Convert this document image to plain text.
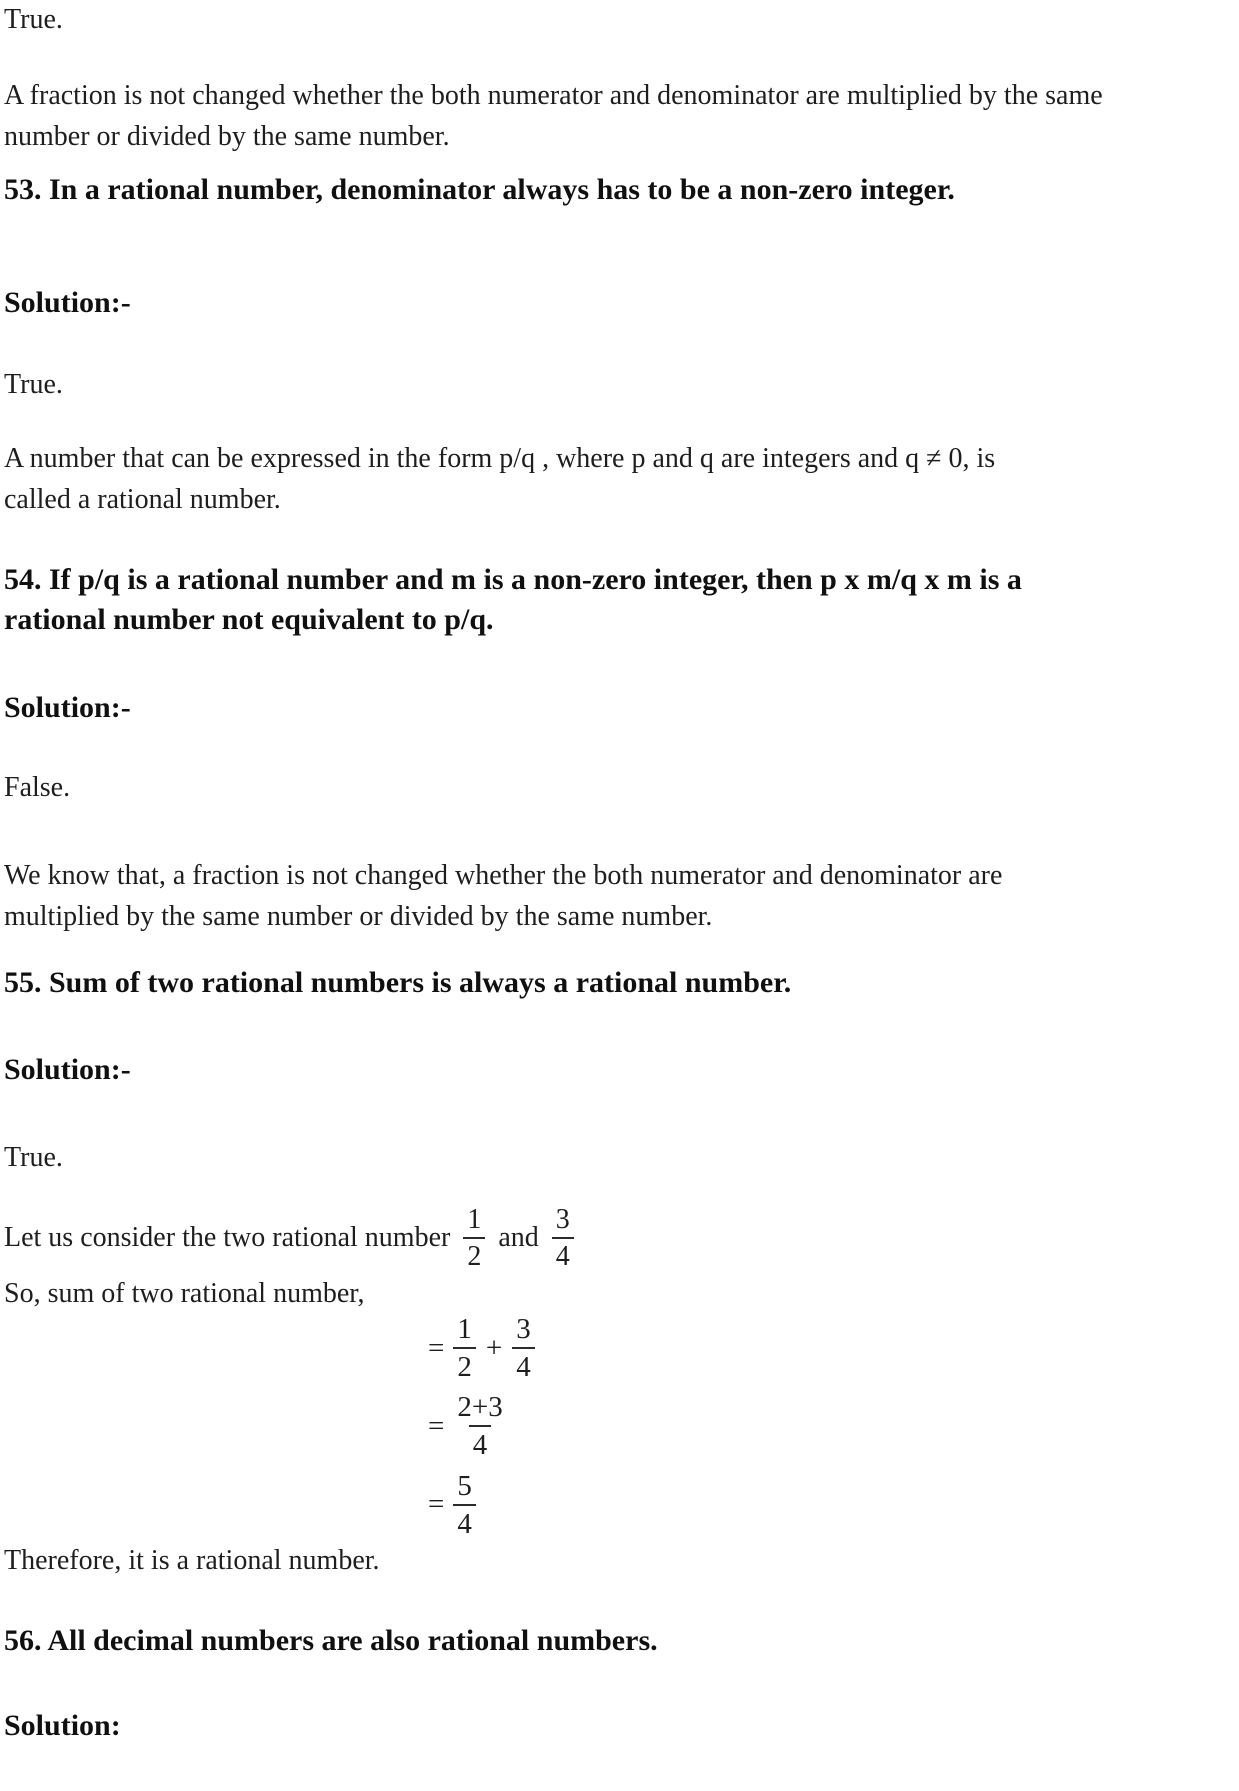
True.

A fraction is not changed whether the both numerator and denominator are multiplied by the same number or divided by the same number.

53. In a rational number, denominator always has to be a non-zero integer.
Solution:-

True.

A number that can be expressed in the form p/q , where p and q are integers and q ≠ 0, is called a rational number.

54. If p/q is a rational number and m is a non-zero integer, then p x m/q x m is a rational number not equivalent to p/q.
Solution:-

False.

We know that, a fraction is not changed whether the both numerator and denominator are multiplied by the same number or divided by the same number.

55. Sum of two rational numbers is always a rational number.
Solution:-

True.

Let us consider the two rational number $\frac{1}{2}$ and $\frac{3}{4}$

So, sum of two rational number,

= $\frac{1}{2} + \frac{3}{4}$
= $\frac{2+3}{4}$
= $\frac{5}{4}$

Therefore, it is a rational number.

56. All decimal numbers are also rational numbers.
Solution:
